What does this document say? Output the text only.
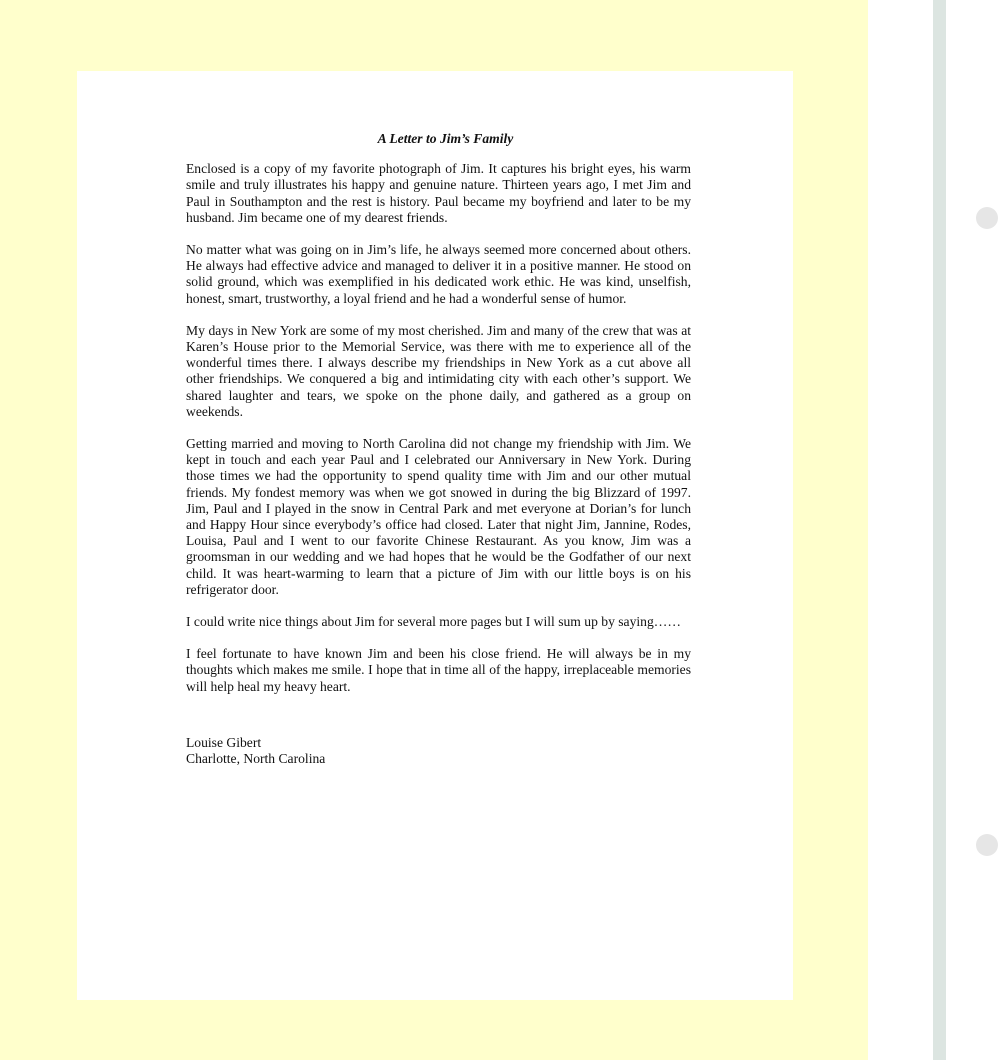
A Letter to Jim’s Family

Enclosed is a copy of my favorite photograph of Jim. It captures his bright eyes, his warm smile and truly illustrates his happy and genuine nature. Thirteen years ago, I met Jim and Paul in Southampton and the rest is history. Paul became my boyfriend and later to be my husband. Jim became one of my dearest friends.

No matter what was going on in Jim’s life, he always seemed more concerned about others. He always had effective advice and managed to deliver it in a positive manner. He stood on solid ground, which was exemplified in his dedicated work ethic. He was kind, unselfish, honest, smart, trustworthy, a loyal friend and he had a wonderful sense of humor.

My days in New York are some of my most cherished. Jim and many of the crew that was at Karen’s House prior to the Memorial Service, was there with me to experience all of the wonderful times there. I always describe my friendships in New York as a cut above all other friendships. We conquered a big and intimidating city with each other’s support. We shared laughter and tears, we spoke on the phone daily, and gathered as a group on weekends.

Getting married and moving to North Carolina did not change my friendship with Jim. We kept in touch and each year Paul and I celebrated our Anniversary in New York. During those times we had the opportunity to spend quality time with Jim and our other mutual friends. My fondest memory was when we got snowed in during the big Blizzard of 1997. Jim, Paul and I played in the snow in Central Park and met everyone at Dorian’s for lunch and Happy Hour since everybody’s office had closed. Later that night Jim, Jannine, Rodes, Louisa, Paul and I went to our favorite Chinese Restaurant. As you know, Jim was a groomsman in our wedding and we had hopes that he would be the Godfather of our next child. It was heart-warming to learn that a picture of Jim with our little boys is on his refrigerator door.

I could write nice things about Jim for several more pages but I will sum up by saying……

I feel fortunate to have known Jim and been his close friend. He will always be in my thoughts which makes me smile. I hope that in time all of the happy, irreplaceable memories will help heal my heavy heart.

Louise Gibert
Charlotte, North Carolina
